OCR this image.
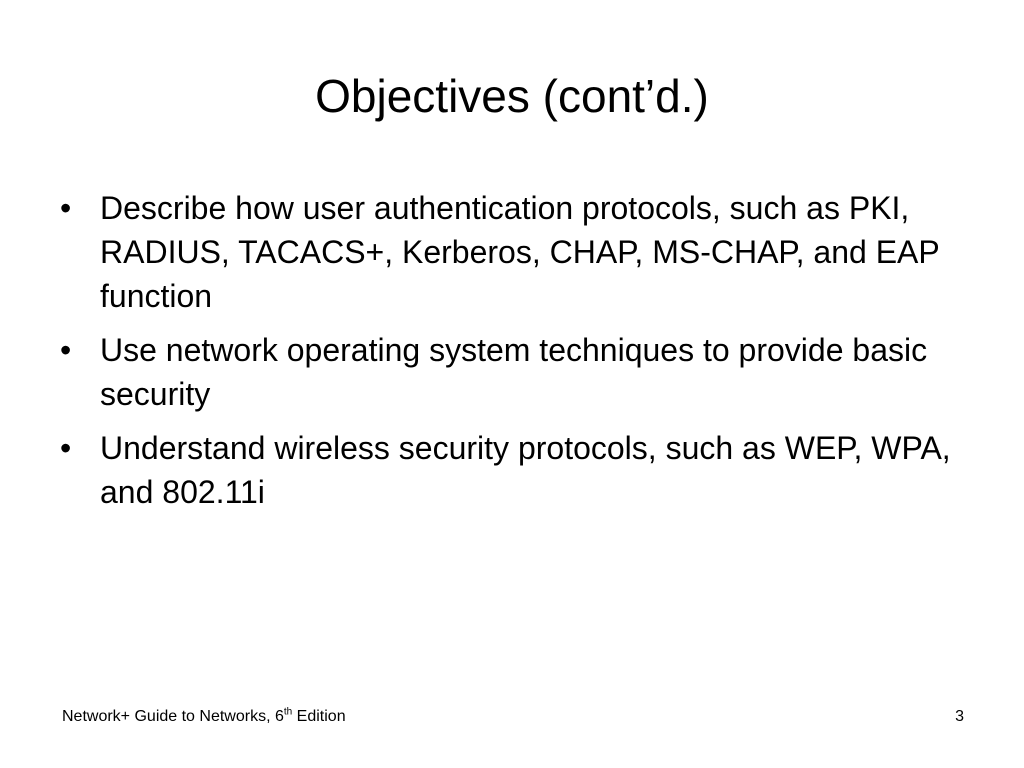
Objectives (cont’d.)
• Describe how user authentication protocols, such as PKI, RADIUS, TACACS+, Kerberos, CHAP, MS-CHAP, and EAP function
• Use network operating system techniques to provide basic security
• Understand wireless security protocols, such as WEP, WPA, and 802.11i
Network+ Guide to Networks, 6th Edition	3
